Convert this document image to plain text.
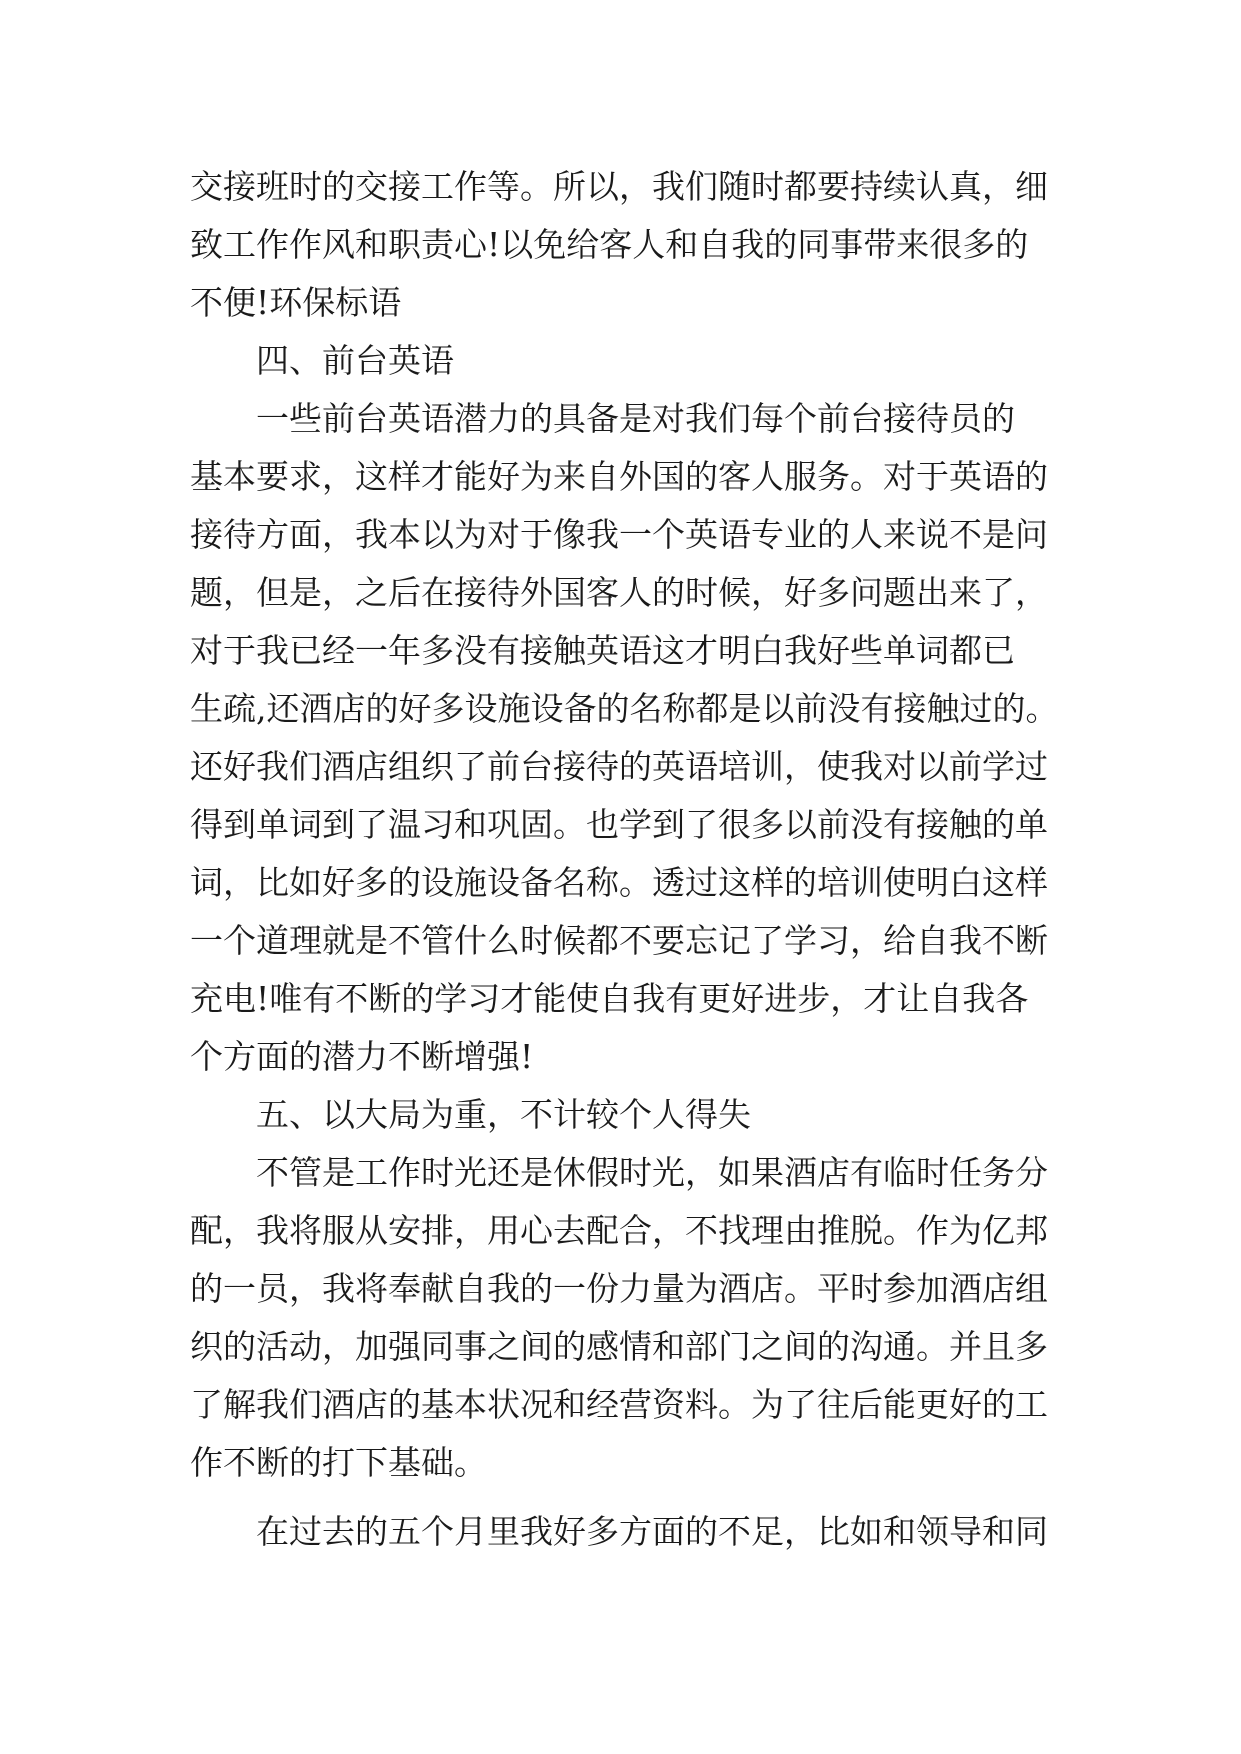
交接班时的交接工作等。所以，我们随时都要持续认真，细

致工作作风和职责心!以免给客人和自我的同事带来很多的

不便!环保标语

四、前台英语

一些前台英语潜力的具备是对我们每个前台接待员的

基本要求，这样才能好为来自外国的客人服务。对于英语的

接待方面，我本以为对于像我一个英语专业的人来说不是问

题，但是，之后在接待外国客人的时候，好多问题出来了，

对于我已经一年多没有接触英语这才明白我好些单词都已

生疏,还酒店的好多设施设备的名称都是以前没有接触过的。

还好我们酒店组织了前台接待的英语培训，使我对以前学过

得到单词到了温习和巩固。也学到了很多以前没有接触的单

词，比如好多的设施设备名称。透过这样的培训使明白这样

一个道理就是不管什么时候都不要忘记了学习，给自我不断

充电!唯有不断的学习才能使自我有更好进步，才让自我各

个方面的潜力不断增强!

五、以大局为重，不计较个人得失

不管是工作时光还是休假时光，如果酒店有临时任务分

配，我将服从安排，用心去配合，不找理由推脱。作为亿邦

的一员，我将奉献自我的一份力量为酒店。平时参加酒店组

织的活动，加强同事之间的感情和部门之间的沟通。并且多

了解我们酒店的基本状况和经营资料。为了往后能更好的工

作不断的打下基础。

在过去的五个月里我好多方面的不足，比如和领导和同
